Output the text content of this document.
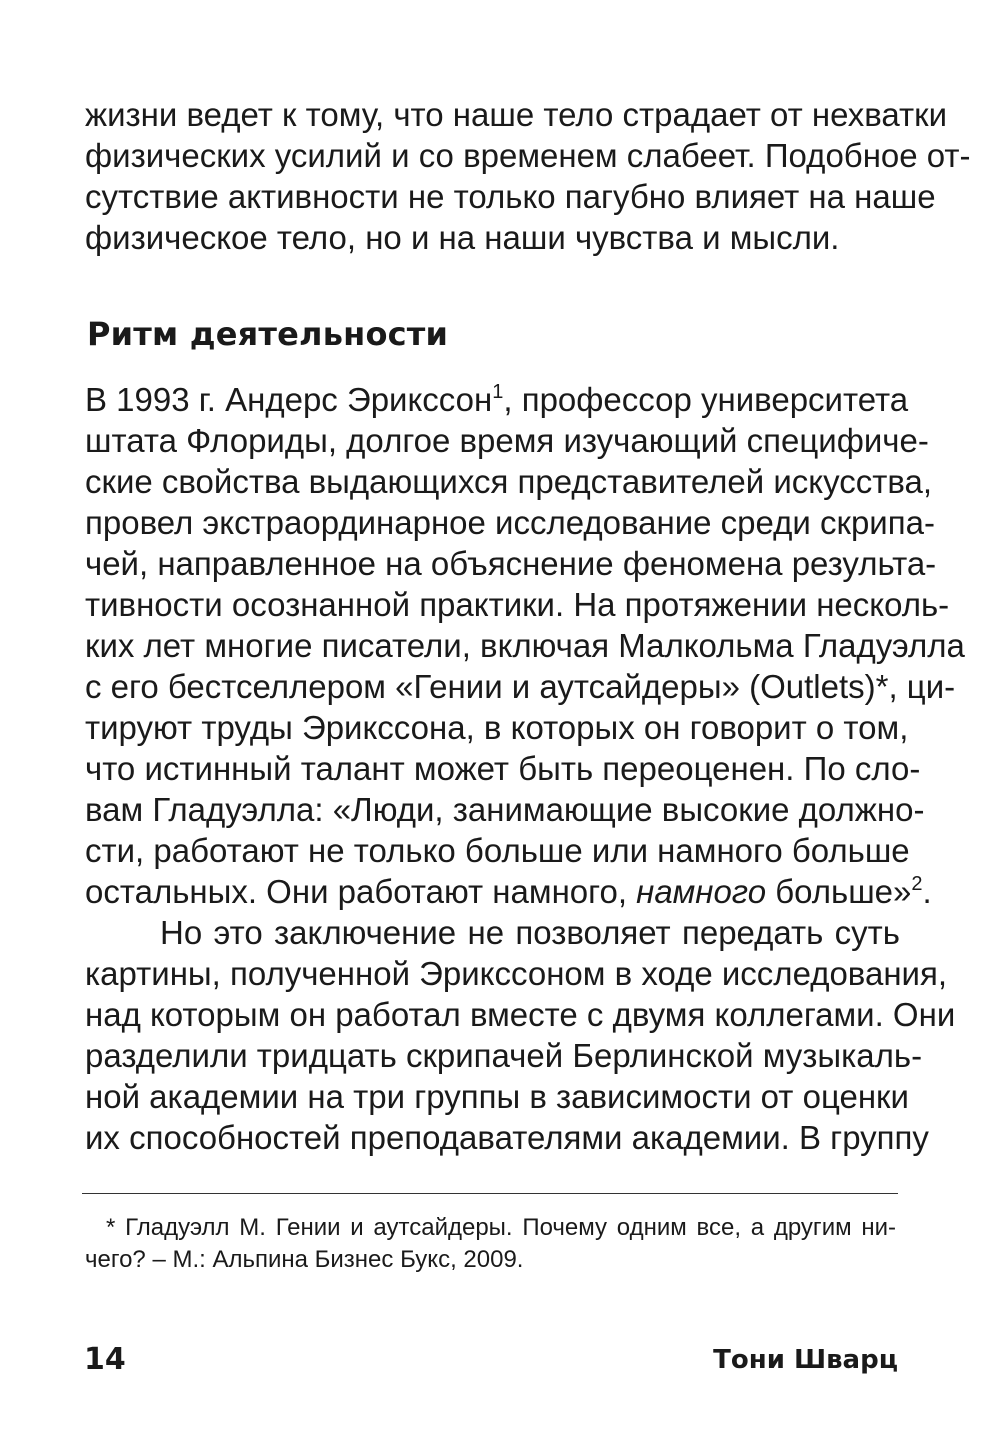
жизни ведет к тому, что наше тело страдает от нехватки
физических усилий и со временем слабеет. Подобное от-
сутствие активности не только пагубно влияет на наше
физическое тело, но и на наши чувства и мысли.
Ритм деятельности
В 1993 г. Андерс Эрикссон$^1$, профессор университета
штата Флориды, долгое время изучающий специфиче-
ские свойства выдающихся представителей искусства,
провел экстраординарное исследование среди скрипа-
чей, направленное на объяснение феномена результа-
тивности осознанной практики. На протяжении несколь-
ких лет многие писатели, включая Малкольма Гладуэлла
с его бестселлером «Гении и аутсайдеры» (Outlets)*, ци-
тируют труды Эрикссона, в которых он говорит о том,
что истинный талант может быть переоценен. По сло-
вам Гладуэлла: «Люди, занимающие высокие должно-
сти, работают не только больше или намного больше
остальных. Они работают намного, намного больше»$^2$.
Но это заключение не позволяет передать суть
картины, полученной Эрикссоном в ходе исследования,
над которым он работал вместе с двумя коллегами. Они
разделили тридцать скрипачей Берлинской музыкаль-
ной академии на три группы в зависимости от оценки
их способностей преподавателями академии. В группу
* Гладуэлл М. Гении и аутсайдеры. Почему одним все, а другим ни-
чего? – М.: Альпина Бизнес Букс, 2009.
14	Тони Шварц
